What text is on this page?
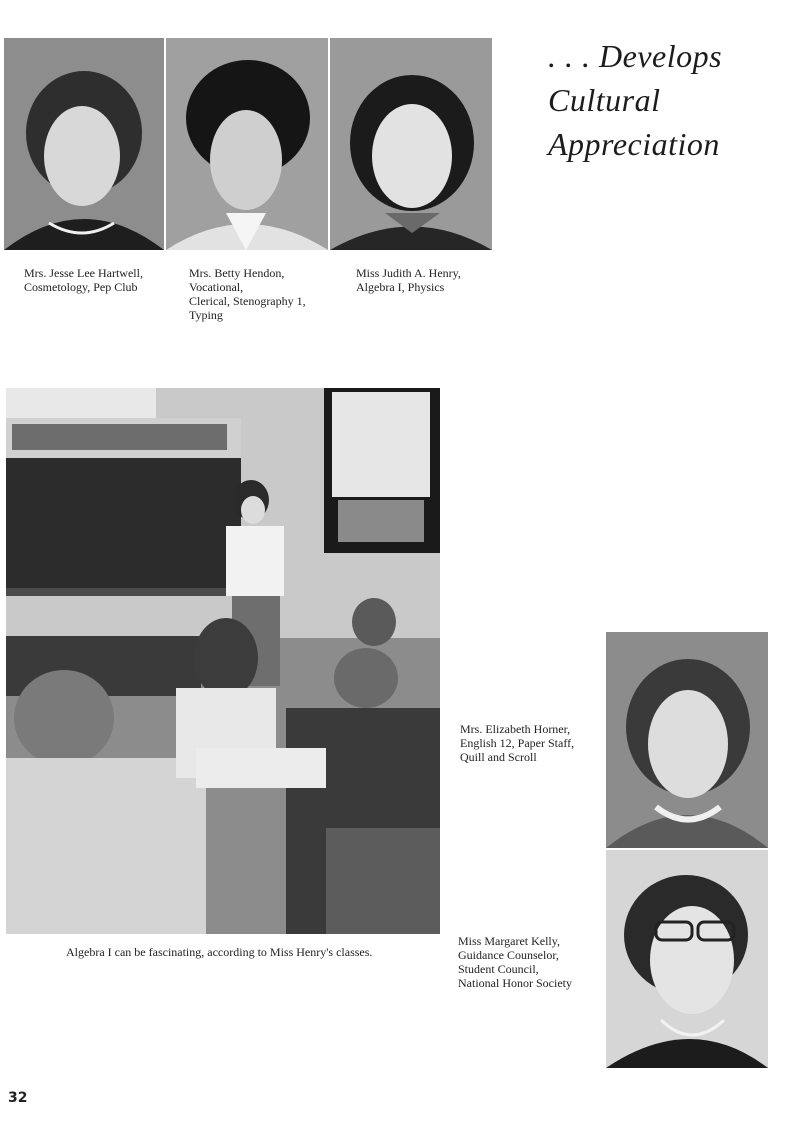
. . . Develops
Cultural
Appreciation
Mrs. Jesse Lee Hartwell,
Cosmetology, Pep Club
Mrs. Betty Hendon,
Vocational,
Clerical, Stenography 1,
Typing
Miss Judith A. Henry,
Algebra I, Physics
Algebra I can be fascinating, according to Miss Henry's classes.
Mrs. Elizabeth Horner,
English 12, Paper Staff,
Quill and Scroll
Miss Margaret Kelly,
Guidance Counselor,
Student Council,
National Honor Society
32
